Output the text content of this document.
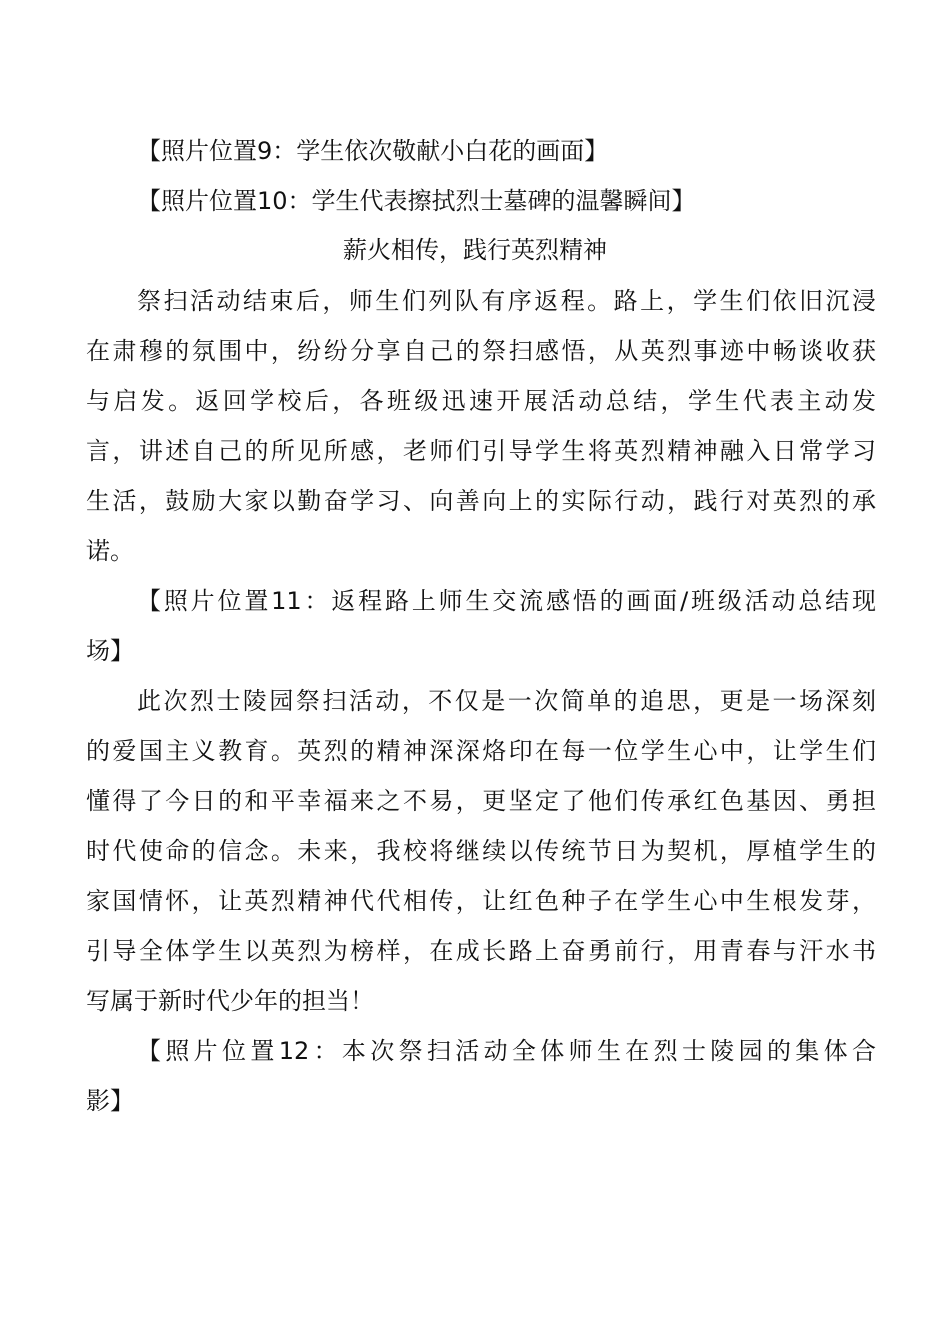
【照片位置9：学生依次敬献小白花的画面】
【照片位置10：学生代表擦拭烈士墓碑的温馨瞬间】
薪火相传，践行英烈精神
祭扫活动结束后，师生们列队有序返程。路上，学生们依旧沉浸
在肃穆的氛围中，纷纷分享自己的祭扫感悟，从英烈事迹中畅谈收获
与启发。返回学校后，各班级迅速开展活动总结，学生代表主动发
言，讲述自己的所见所感，老师们引导学生将英烈精神融入日常学习
生活，鼓励大家以勤奋学习、向善向上的实际行动，践行对英烈的承
诺。
【照片位置11：返程路上师生交流感悟的画面/班级活动总结现
场】
此次烈士陵园祭扫活动，不仅是一次简单的追思，更是一场深刻
的爱国主义教育。英烈的精神深深烙印在每一位学生心中，让学生们
懂得了今日的和平幸福来之不易，更坚定了他们传承红色基因、勇担
时代使命的信念。未来，我校将继续以传统节日为契机，厚植学生的
家国情怀，让英烈精神代代相传，让红色种子在学生心中生根发芽，
引导全体学生以英烈为榜样，在成长路上奋勇前行，用青春与汗水书
写属于新时代少年的担当！
【照片位置12：本次祭扫活动全体师生在烈士陵园的集体合
影】
